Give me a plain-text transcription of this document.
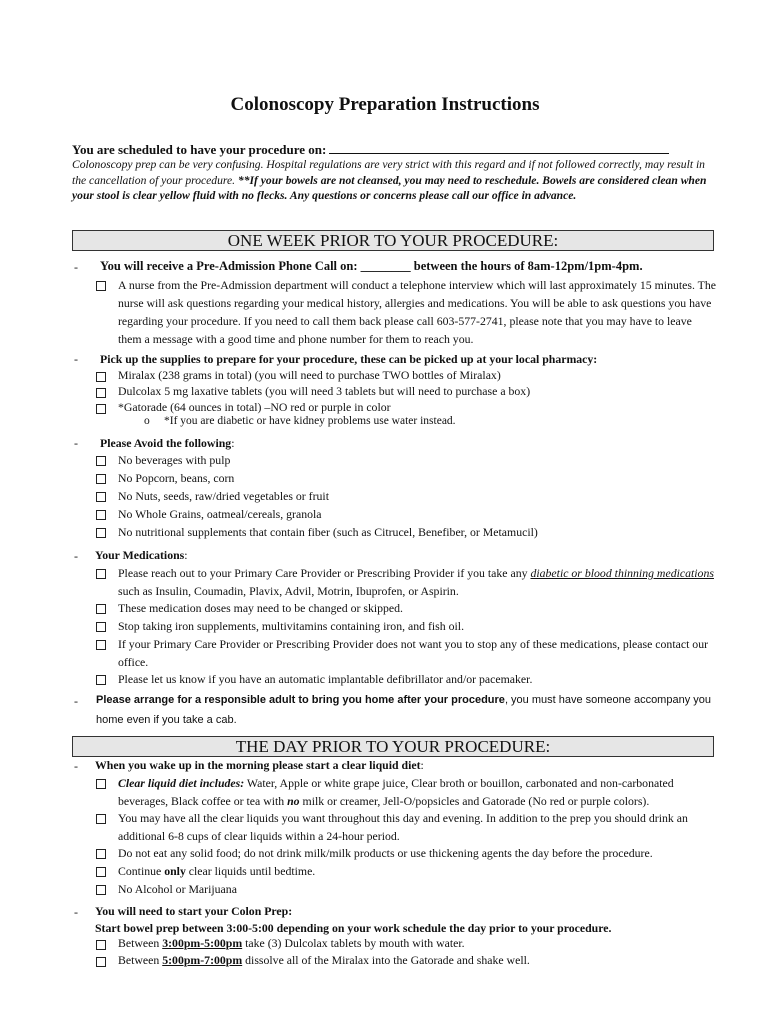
Colonoscopy Preparation Instructions
You are scheduled to have your procedure on:
Colonoscopy prep can be very confusing. Hospital regulations are very strict with this regard and if not followed correctly, may result in the cancellation of your procedure. **If your bowels are not cleansed, you may need to reschedule. Bowels are considered clean when your stool is clear yellow fluid with no flecks. Any questions or concerns please call our office in advance.
ONE WEEK PRIOR TO YOUR PROCEDURE:
- You will receive a Pre-Admission Phone Call on: ________ between the hours of 8am-12pm/1pm-4pm.
A nurse from the Pre-Admission department will conduct a telephone interview which will last approximately 15 minutes. The nurse will ask questions regarding your medical history, allergies and medications. You will be able to ask questions you have regarding your procedure. If you need to call them back please call 603-577-2741, please note that you may have to leave them a message with a good time and phone number for them to reach you.
- Pick up the supplies to prepare for your procedure, these can be picked up at your local pharmacy:
Miralax (238 grams in total) (you will need to purchase TWO bottles of Miralax)
Dulcolax 5 mg laxative tablets (you will need 3 tablets but will need to purchase a box)
*Gatorade (64 ounces in total) –NO red or purple in color
o *If you are diabetic or have kidney problems use water instead.
- Please Avoid the following:
No beverages with pulp
No Popcorn, beans, corn
No Nuts, seeds, raw/dried vegetables or fruit
No Whole Grains, oatmeal/cereals, granola
No nutritional supplements that contain fiber (such as Citrucel, Benefiber, or Metamucil)
- Your Medications:
Please reach out to your Primary Care Provider or Prescribing Provider if you take any diabetic or blood thinning medications such as Insulin, Coumadin, Plavix, Advil, Motrin, Ibuprofen, or Aspirin.
These medication doses may need to be changed or skipped.
Stop taking iron supplements, multivitamins containing iron, and fish oil.
If your Primary Care Provider or Prescribing Provider does not want you to stop any of these medications, please contact our office.
Please let us know if you have an automatic implantable defibrillator and/or pacemaker.
- Please arrange for a responsible adult to bring you home after your procedure, you must have someone accompany you home even if you take a cab.
THE DAY PRIOR TO YOUR PROCEDURE:
- When you wake up in the morning please start a clear liquid diet:
Clear liquid diet includes: Water, Apple or white grape juice, Clear broth or bouillon, carbonated and non-carbonated beverages, Black coffee or tea with no milk or creamer, Jell-O/popsicles and Gatorade (No red or purple colors).
You may have all the clear liquids you want throughout this day and evening. In addition to the prep you should drink an additional 6-8 cups of clear liquids within a 24-hour period.
Do not eat any solid food; do not drink milk/milk products or use thickening agents the day before the procedure.
Continue only clear liquids until bedtime.
No Alcohol or Marijuana
- You will need to start your Colon Prep:
Start bowel prep between 3:00-5:00 depending on your work schedule the day prior to your procedure.
Between 3:00pm-5:00pm take (3) Dulcolax tablets by mouth with water.
Between 5:00pm-7:00pm dissolve all of the Miralax into the Gatorade and shake well.
